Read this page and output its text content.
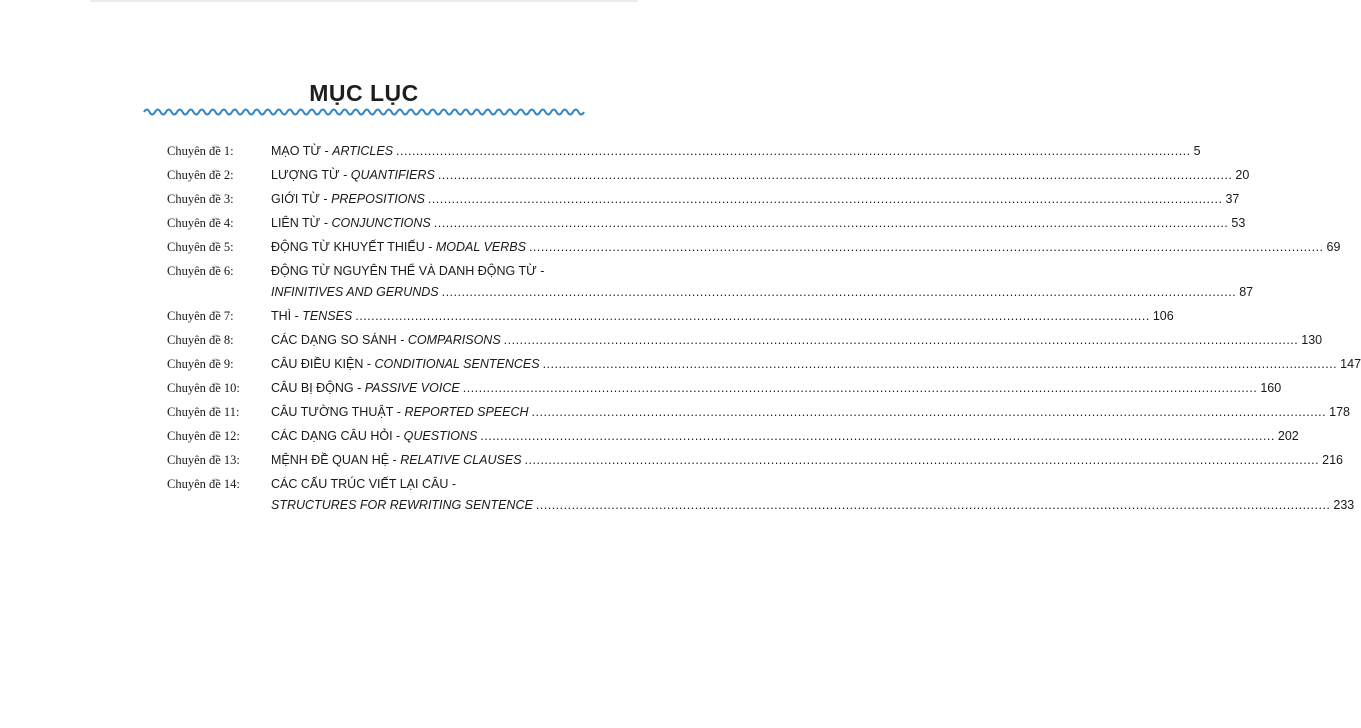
MỤC LỤC
Chuyên đề 1:	MẠO TỪ - ARTICLES ........................................................................................................................................................................................................ 5
Chuyên đề 2:	LƯỢNG TỪ - QUANTIFIERS ........................................................................................................................................................................................................ 20
Chuyên đề 3:	GIỚI TỪ - PREPOSITIONS ........................................................................................................................................................................................................ 37
Chuyên đề 4:	LIÊN TỪ - CONJUNCTIONS ........................................................................................................................................................................................................ 53
Chuyên đề 5:	ĐỘNG TỪ KHUYẾT THIẾU - MODAL VERBS ........................................................................................................................................................................................................ 69
Chuyên đề 6:	ĐỘNG TỪ NGUYÊN THỂ VÀ DANH ĐỘNG TỪ -
INFINITIVES AND GERUNDS ........................................................................................................................................................................................................ 87
Chuyên đề 7:	THÌ - TENSES ........................................................................................................................................................................................................ 106
Chuyên đề 8:	CÁC DẠNG SO SÁNH - COMPARISONS ........................................................................................................................................................................................................ 130
Chuyên đề 9:	CÂU ĐIỀU KIỆN - CONDITIONAL SENTENCES ........................................................................................................................................................................................................ 147
Chuyên đề 10: CÂU BỊ ĐỘNG - PASSIVE VOICE ........................................................................................................................................................................................................ 160
Chuyên đề 11:	CÂU TƯỜNG THUẬT - REPORTED SPEECH ........................................................................................................................................................................................................ 178
Chuyên đề 12: CÁC DẠNG CÂU HỎI - QUESTIONS ........................................................................................................................................................................................................ 202
Chuyên đề 13: MỆNH ĐỀ QUAN HỆ - RELATIVE CLAUSES ........................................................................................................................................................................................................ 216
Chuyên đề 14: CÁC CẤU TRÚC VIẾT LẠI CÂU -
STRUCTURES FOR REWRITING SENTENCE ........................................................................................................................................................................................................ 233
